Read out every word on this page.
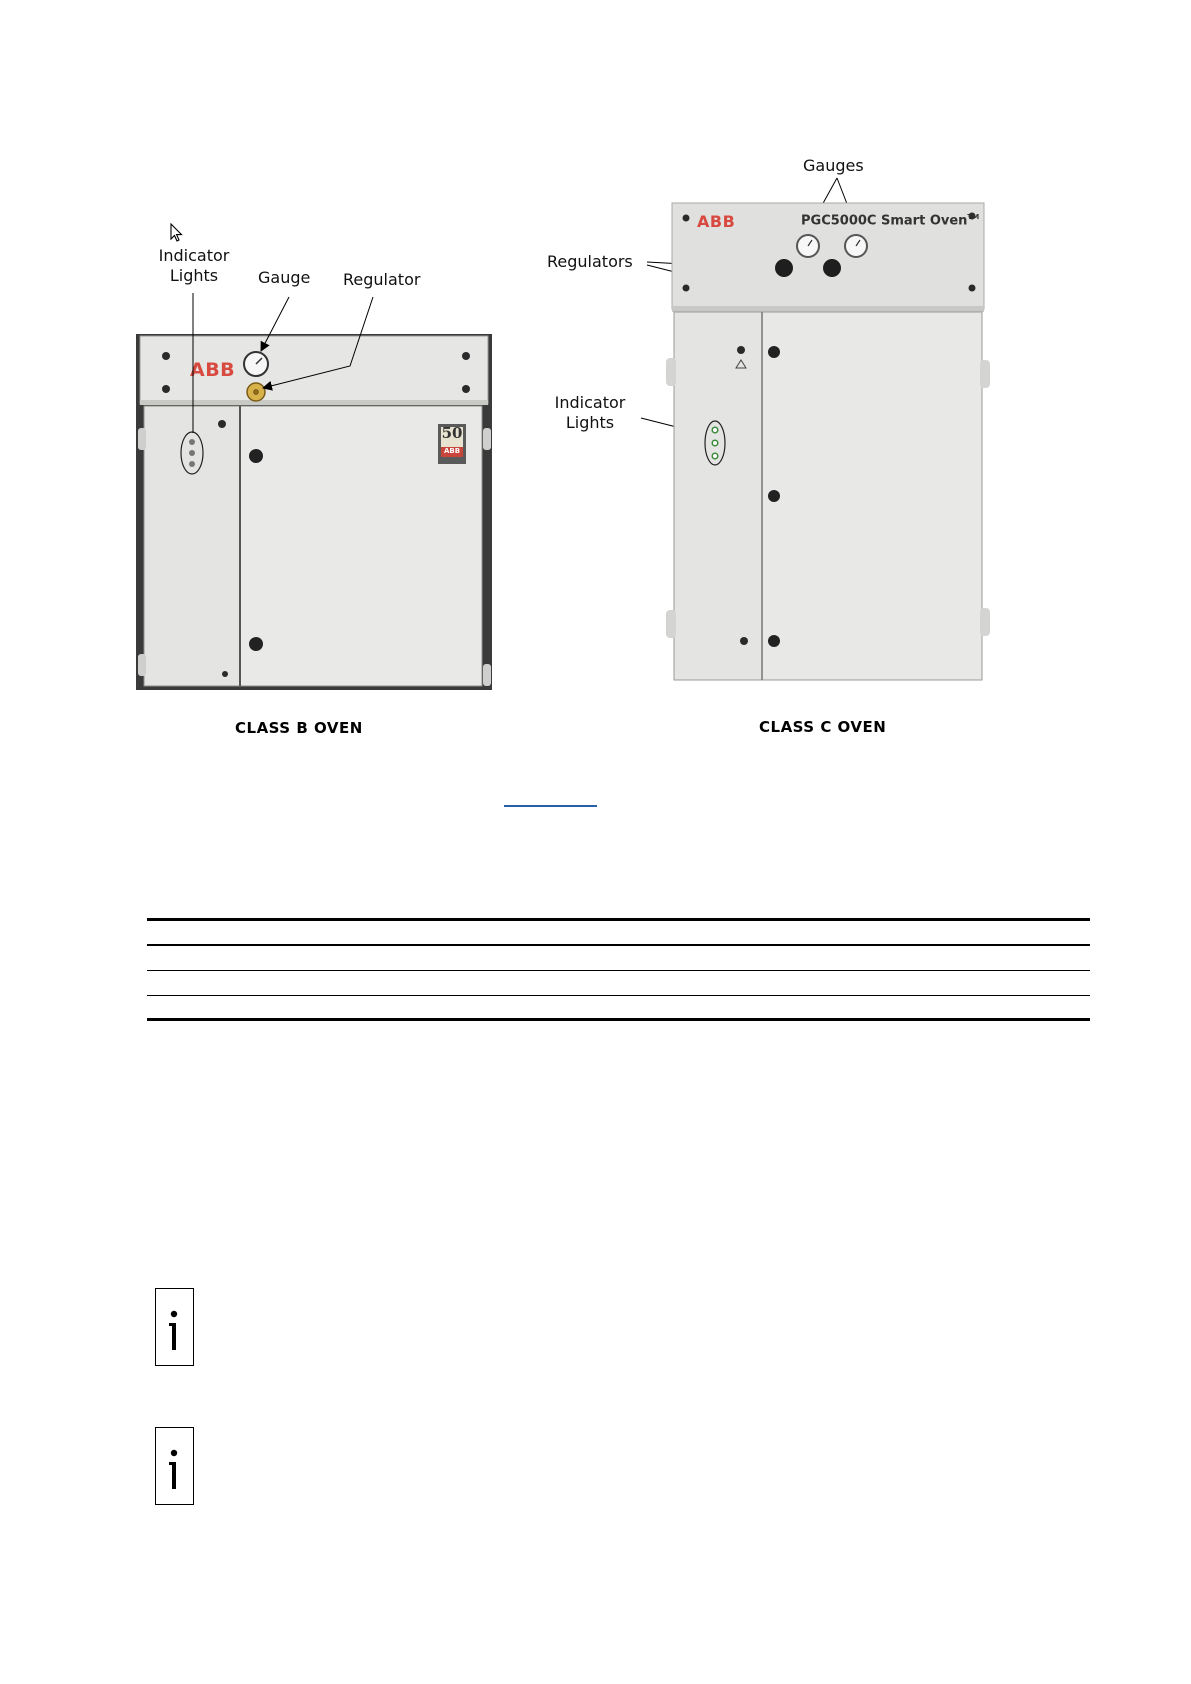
ABB
50
ABB
Indicator
Lights	Gauge Regulator
CLASS B OVEN
ABB	PGC5000C Smart Oven™
Gauges
Regulators
Indicator
Lights
CLASS C OVEN
